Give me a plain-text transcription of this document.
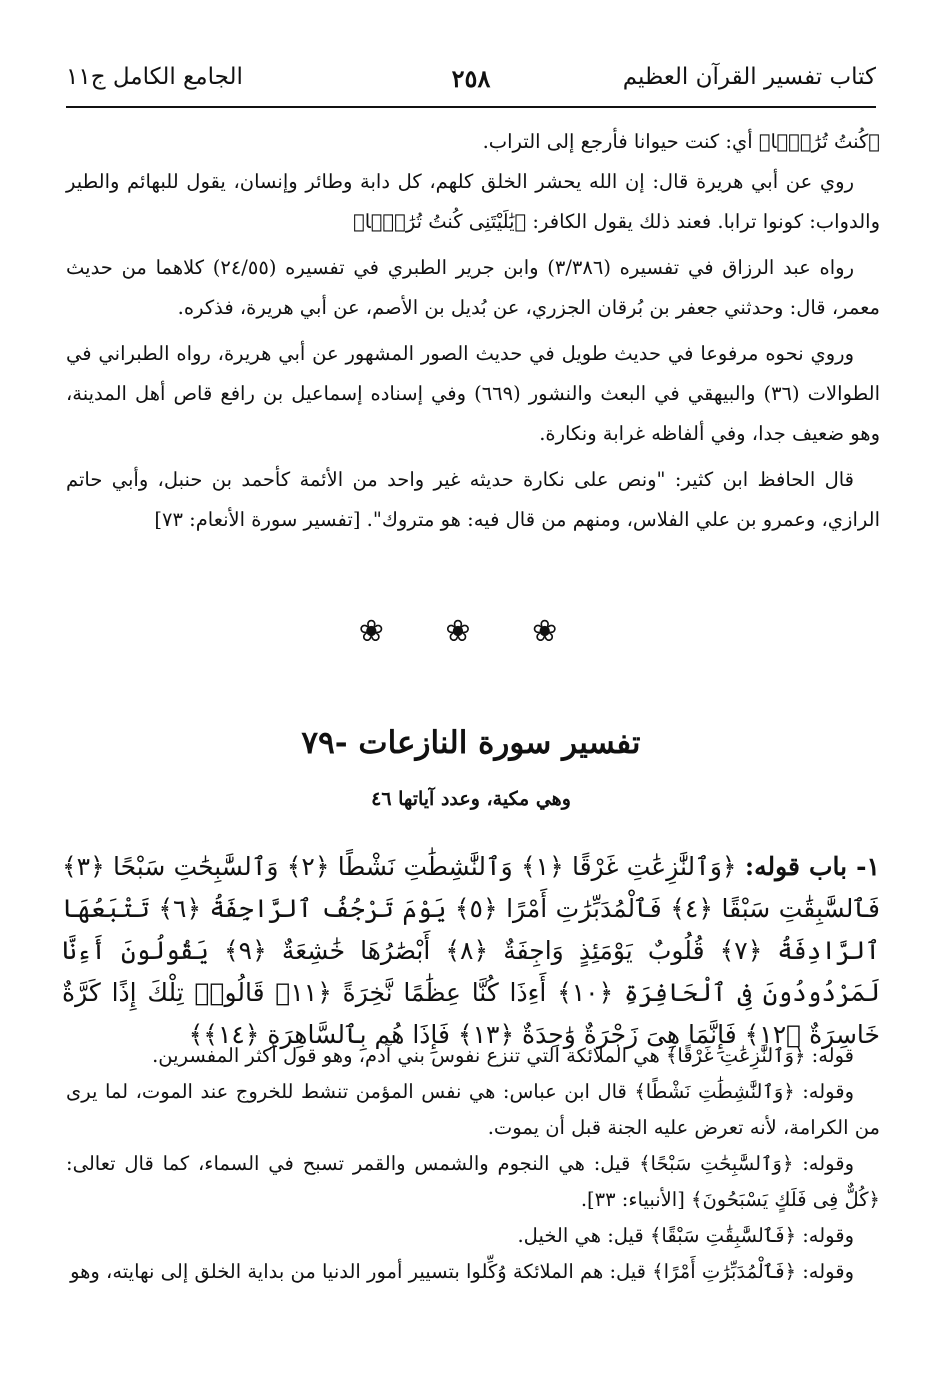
كتاب تفسير القرآن العظيم
٢٥٨
الجامع الكامل ج١١

﴿كُنتُ تُرَٰبًۢا﴾ أي: كنت حيوانا فأرجع إلى التراب.

روي عن أبي هريرة قال: إن الله يحشر الخلق كلهم، كل دابة وطائر وإنسان، يقول للبهائم والطير والدواب: كونوا ترابا. فعند ذلك يقول الكافر: ﴿يَٰلَيْتَنِى كُنتُ تُرَٰبًۢا﴾

رواه عبد الرزاق في تفسيره (٣/٣٨٦) وابن جرير الطبري في تفسيره (٢٤/٥٥) كلاهما من حديث معمر، قال: وحدثني جعفر بن بُرقان الجزري، عن بُديل بن الأصم، عن أبي هريرة، فذكره.

وروي نحوه مرفوعا في حديث طويل في حديث الصور المشهور عن أبي هريرة، رواه الطبراني في الطوالات (٣٦) والبيهقي في البعث والنشور (٦٦٩) وفي إسناده إسماعيل بن رافع قاص أهل المدينة، وهو ضعيف جدا، وفي ألفاظه غرابة ونكارة.

قال الحافظ ابن كثير: "ونص على نكارة حديثه غير واحد من الأئمة كأحمد بن حنبل، وأبي حاتم الرازي، وعمرو بن علي الفلاس، ومنهم من قال فيه: هو متروك". [تفسير سورة الأنعام: ٧٣]

❀ ❀ ❀
تفسير سورة النازعات -٧٩
وهي مكية، وعدد آياتها ٤٦
١- باب قوله: ﴿وَٱلنَّٰزِعَٰتِ غَرْقًا ﴿١﴾ وَٱلنَّٰشِطَٰتِ نَشْطًا ﴿٢﴾ وَٱلسَّٰبِحَٰتِ سَبْحًا ﴿٣﴾ فَٱلسَّٰبِقَٰتِ سَبْقًا ﴿٤﴾ فَٱلْمُدَبِّرَٰتِ أَمْرًا ﴿٥﴾ يَوْمَ تَرْجُفُ ٱلرَّاجِفَةُ ﴿٦﴾ تَتْبَعُهَا ٱلرَّادِفَةُ ﴿٧﴾ قُلُوبٌ يَوْمَئِذٍ وَاجِفَةٌ ﴿٨﴾ أَبْصَٰرُهَا خَٰشِعَةٌ ﴿٩﴾ يَقُولُونَ أَءِنَّا لَمَرْدُودُونَ فِى ٱلْحَافِرَةِ ﴿١٠﴾ أَءِذَا كُنَّا عِظَٰمًا نَّخِرَةً ﴿١١﴾ قَالُوا۟ تِلْكَ إِذًا كَرَّةٌ خَاسِرَةٌ ﴿١٢﴾ فَإِنَّمَا هِىَ زَجْرَةٌ وَٰحِدَةٌ ﴿١٣﴾ فَإِذَا هُم بِٱلسَّاهِرَةِ ﴿١٤﴾﴾

قوله: ﴿وَٱلنَّٰزِعَٰتِ غَرْقًا﴾ هي الملائكة التي تنزع نفوس بني آدم، وهو قول أكثر المفسرين.

وقوله: ﴿وَٱلنَّٰشِطَٰتِ نَشْطًا﴾ قال ابن عباس: هي نفس المؤمن تنشط للخروج عند الموت، لما يرى من الكرامة، لأنه تعرض عليه الجنة قبل أن يموت.

وقوله: ﴿وَٱلسَّٰبِحَٰتِ سَبْحًا﴾ قيل: هي النجوم والشمس والقمر تسبح في السماء، كما قال تعالى: ﴿كُلٌّ فِى فَلَكٍ يَسْبَحُونَ﴾ [الأنبياء: ٣٣].

وقوله: ﴿فَٱلسَّٰبِقَٰتِ سَبْقًا﴾ قيل: هي الخيل.

وقوله: ﴿فَٱلْمُدَبِّرَٰتِ أَمْرًا﴾ قيل: هم الملائكة وُكِّلوا بتسيير أمور الدنيا من بداية الخلق إلى نهايته، وهو
